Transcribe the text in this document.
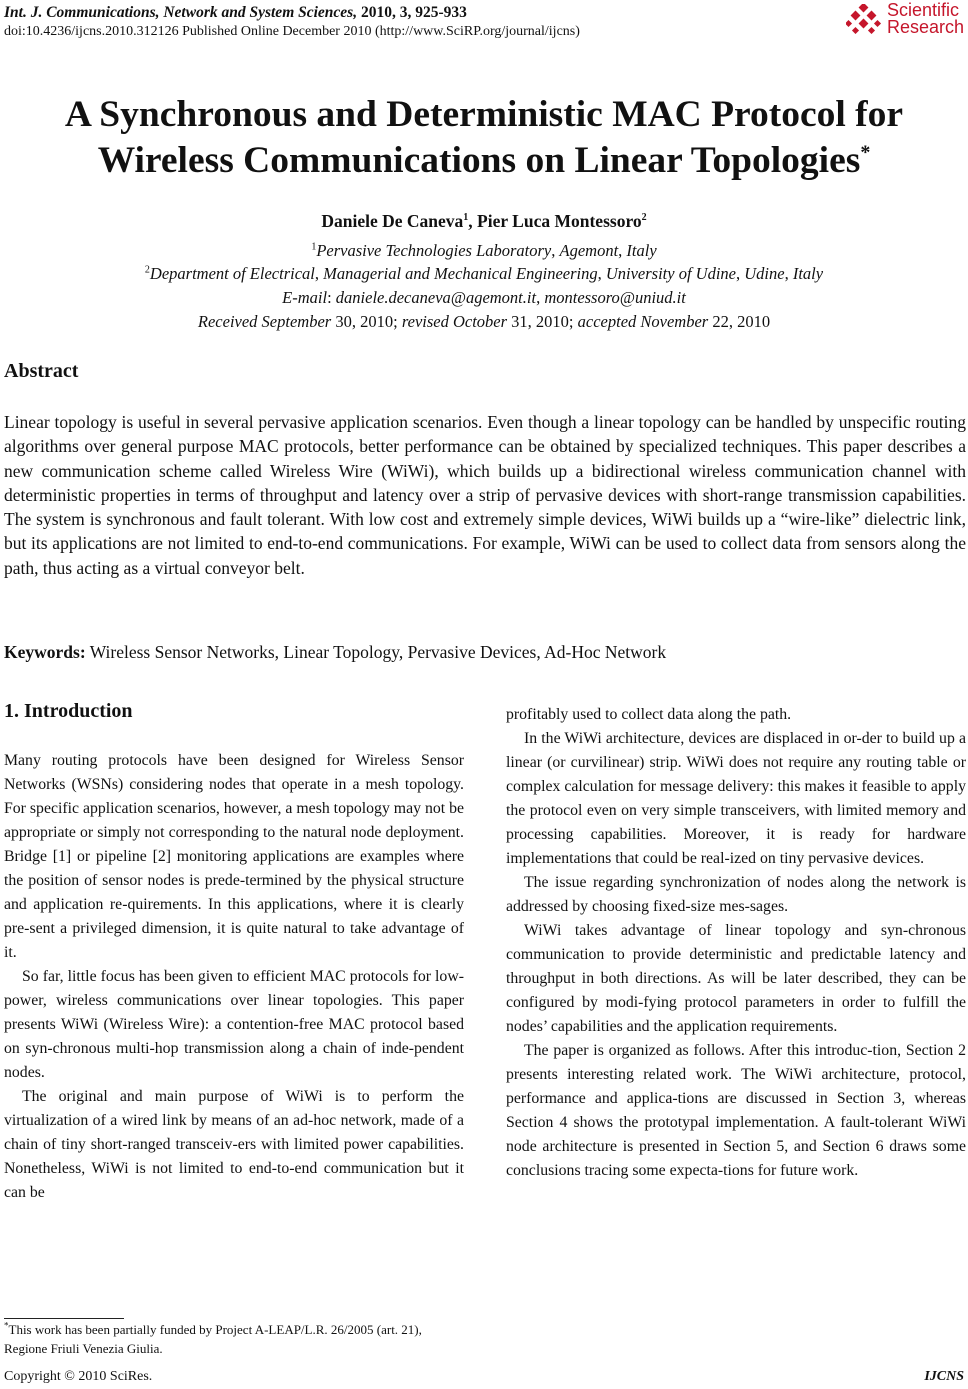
Int. J. Communications, Network and System Sciences, 2010, 3, 925-933
doi:10.4236/ijcns.2010.312126 Published Online December 2010 (http://www.SciRP.org/journal/ijcns)
Scientific
Research
A Synchronous and Deterministic MAC Protocol for
Wireless Communications on Linear Topologies*
Daniele De Caneva$^1$, Pier Luca Montessoro$^2$
$^1$Pervasive Technologies Laboratory, Agemont, Italy
$^2$Department of Electrical, Managerial and Mechanical Engineering, University of Udine, Udine, Italy
E-mail: daniele.decaneva@agemont.it, montessoro@uniud.it
Received September 30, 2010; revised October 31, 2010; accepted November 22, 2010
Abstract
Linear topology is useful in several pervasive application scenarios. Even though a linear topology can be handled by unspecific routing algorithms over general purpose MAC protocols, better performance can be obtained by specialized techniques. This paper describes a new communication scheme called Wireless Wire (WiWi), which builds up a bidirectional wireless communication channel with deterministic properties in terms of throughput and latency over a strip of pervasive devices with short-range transmission capabilities. The system is synchronous and fault tolerant. With low cost and extremely simple devices, WiWi builds up a “wire-like” dielectric link, but its applications are not limited to end-to-end communications. For example, WiWi can be used to collect data from sensors along the path, thus acting as a virtual conveyor belt.
Keywords: Wireless Sensor Networks, Linear Topology, Pervasive Devices, Ad-Hoc Network
1. Introduction

Many routing protocols have been designed for Wireless Sensor Networks (WSNs) considering nodes that operate in a mesh topology. For specific application scenarios, however, a mesh topology may not be appropriate or simply not corresponding to the natural node deployment. Bridge [1] or pipeline [2] monitoring applications are examples where the position of sensor nodes is prede-termined by the physical structure and application re-quirements. In this applications, where it is clearly pre-sent a privileged dimension, it is quite natural to take advantage of it.

So far, little focus has been given to efficient MAC protocols for low-power, wireless communications over linear topologies. This paper presents WiWi (Wireless Wire): a contention-free MAC protocol based on syn-chronous multi-hop transmission along a chain of inde-pendent nodes.

The original and main purpose of WiWi is to perform the virtualization of a wired link by means of an ad-hoc network, made of a chain of tiny short-ranged transceiv-ers with limited power capabilities. Nonetheless, WiWi is not limited to end-to-end communication but it can be

profitably used to collect data along the path.

In the WiWi architecture, devices are displaced in or-der to build up a linear (or curvilinear) strip. WiWi does not require any routing table or complex calculation for message delivery: this makes it feasible to apply the protocol even on very simple transceivers, with limited memory and processing capabilities. Moreover, it is ready for hardware implementations that could be real-ized on tiny pervasive devices.

The issue regarding synchronization of nodes along the network is addressed by choosing fixed-size mes-sages.

WiWi takes advantage of linear topology and syn-chronous communication to provide deterministic and predictable latency and throughput in both directions. As will be later described, they can be configured by modi-fying protocol parameters in order to fulfill the nodes’ capabilities and the application requirements.

The paper is organized as follows. After this introduc-tion, Section 2 presents interesting related work. The WiWi architecture, protocol, performance and applica-tions are discussed in Section 3, whereas Section 4 shows the prototypal implementation. A fault-tolerant WiWi node architecture is presented in Section 5, and Section 6 draws some conclusions tracing some expecta-tions for future work.

*This work has been partially funded by Project A-LEAP/L.R. 26/2005 (art. 21), Regione Friuli Venezia Giulia.
Copyright © 2010 SciRes.	IJCNS
